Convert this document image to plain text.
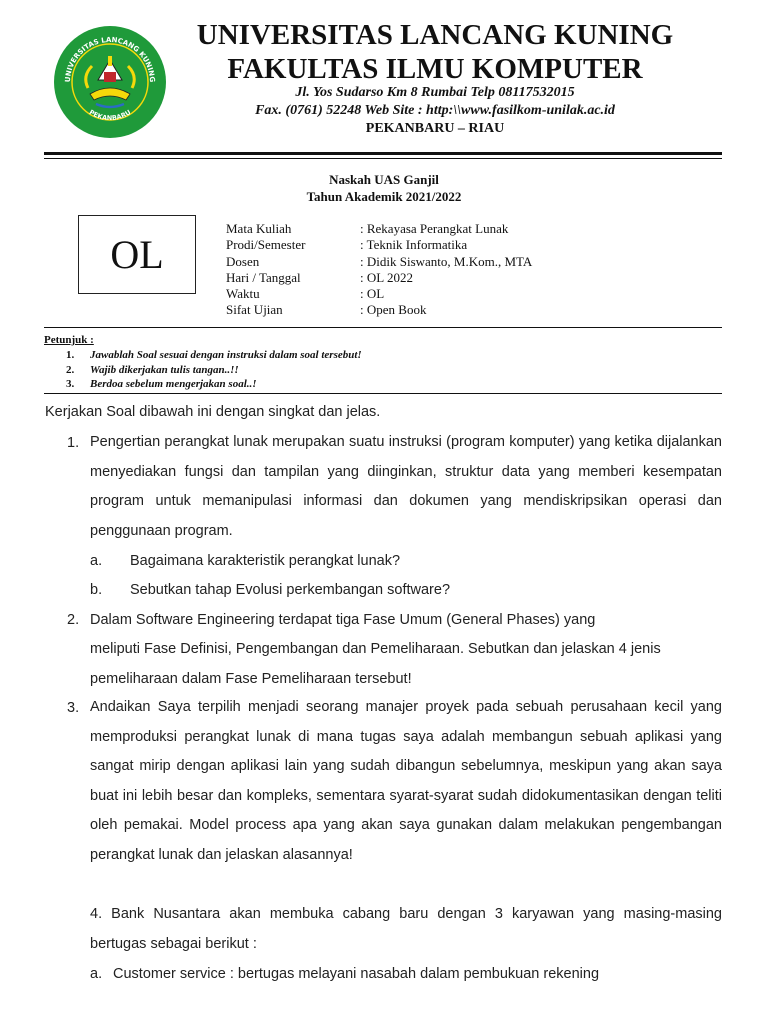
UNIVERSITAS LANCANG KUNING
PEKANBARU
UNIVERSITAS LANCANG KUNING
FAKULTAS ILMU KOMPUTER
Jl. Yos Sudarso Km 8 Rumbai Telp 08117532015
Fax. (0761) 52248 Web Site : http:\\www.fasilkom-unilak.ac.id
PEKANBARU – RIAU
Naskah UAS Ganjil
Tahun Akademik 2021/2022
OL
Mata Kuliah	: Rekayasa Perangkat Lunak
Prodi/Semester	: Teknik Informatika
Dosen	: Didik Siswanto, M.Kom., MTA
Hari / Tanggal	: OL 2022
Waktu	: OL
Sifat Ujian	: Open Book
Petunjuk :
1. Jawablah Soal sesuai dengan instruksi dalam soal tersebut!
2. Wajib dikerjakan tulis tangan..!!
3. Berdoa sebelum mengerjakan soal..!
Kerjakan Soal dibawah ini dengan singkat dan jelas.
1. Pengertian perangkat lunak merupakan suatu instruksi (program komputer) yang ketika dijalankan menyediakan fungsi dan tampilan yang diinginkan, struktur data yang memberi kesempatan program untuk memanipulasi informasi dan dokumen yang mendiskripsikan operasi dan penggunaan program.
a. Bagaimana karakteristik perangkat lunak?
b. Sebutkan tahap Evolusi perkembangan software?
2. Dalam Software Engineering terdapat tiga Fase Umum (General Phases) yang
meliputi Fase Definisi, Pengembangan dan Pemeliharaan. Sebutkan dan jelaskan 4 jenis
pemeliharaan dalam Fase Pemeliharaan tersebut!
3. Andaikan Saya terpilih menjadi seorang manajer proyek pada sebuah perusahaan kecil yang memproduksi perangkat lunak di mana tugas saya adalah membangun sebuah aplikasi yang sangat mirip dengan aplikasi lain yang sudah dibangun sebelumnya, meskipun yang akan saya buat ini lebih besar dan kompleks, sementara syarat-syarat sudah didokumentasikan dengan teliti oleh pemakai. Model process apa yang akan saya gunakan dalam melakukan pengembangan perangkat lunak dan jelaskan alasannya!
4. Bank Nusantara akan membuka cabang baru dengan 3 karyawan yang masing-masing bertugas sebagai berikut :
a. Customer service : bertugas melayani nasabah dalam pembukuan rekening
